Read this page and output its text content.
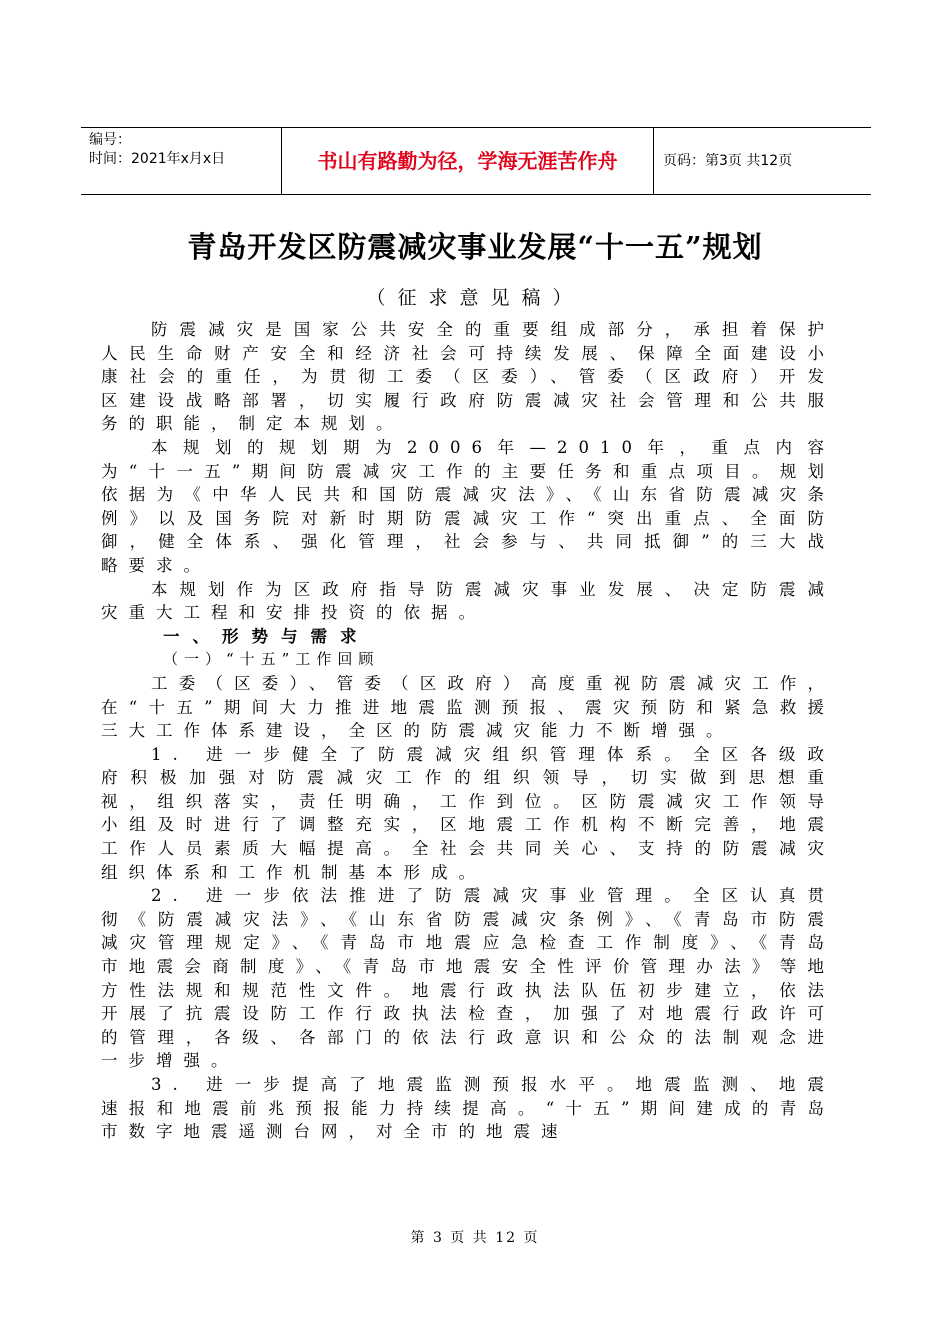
编号：
时间：2021年x月x日	书山有路勤为径，学海无涯苦作舟	页码：第3页 共12页
青岛开发区防震减灾事业发展“十一五”规划
（征求意见稿）

防震减灾是国家公共安全的重要组成部分，承担着保护人民生命财产安全和经济社会可持续发展、保障全面建设小康社会的重任，为贯彻工委（区委）、管委（区政府）开发区建设战略部署，切实履行政府防震减灾社会管理和公共服务的职能，制定本规划。

本规划的规划期为2006年—2010年，重点内容为“十一五”期间防震减灾工作的主要任务和重点项目。规划依据为《中华人民共和国防震减灾法》、《山东省防震减灾条例》以及国务院对新时期防震减灾工作“突出重点、全面防御，健全体系、强化管理，社会参与、共同抵御”的三大战略要求。

本规划作为区政府指导防震减灾事业发展、决定防震减灾重大工程和安排投资的依据。

一、形势与需求

（一）“十五”工作回顾

工委（区委）、管委（区政府）高度重视防震减灾工作，在“十五”期间大力推进地震监测预报、震灾预防和紧急救援三大工作体系建设，全区的防震减灾能力不断增强。

1. 进一步健全了防震减灾组织管理体系。全区各级政府积极加强对防震减灾工作的组织领导，切实做到思想重视，组织落实，责任明确，工作到位。区防震减灾工作领导小组及时进行了调整充实，区地震工作机构不断完善，地震工作人员素质大幅提高。全社会共同关心、支持的防震减灾组织体系和工作机制基本形成。

2. 进一步依法推进了防震减灾事业管理。全区认真贯彻《防震减灾法》、《山东省防震减灾条例》、《青岛市防震减灾管理规定》、《青岛市地震应急检查工作制度》、《青岛市地震会商制度》、《青岛市地震安全性评价管理办法》等地方性法规和规范性文件。地震行政执法队伍初步建立，依法开展了抗震设防工作行政执法检查，加强了对地震行政许可的管理，各级、各部门的依法行政意识和公众的法制观念进一步增强。

3. 进一步提高了地震监测预报水平。地震监测、地震速报和地震前兆预报能力持续提高。“十五”期间建成的青岛市数字地震遥测台网，对全市的地震速

第 3 页 共 12 页
